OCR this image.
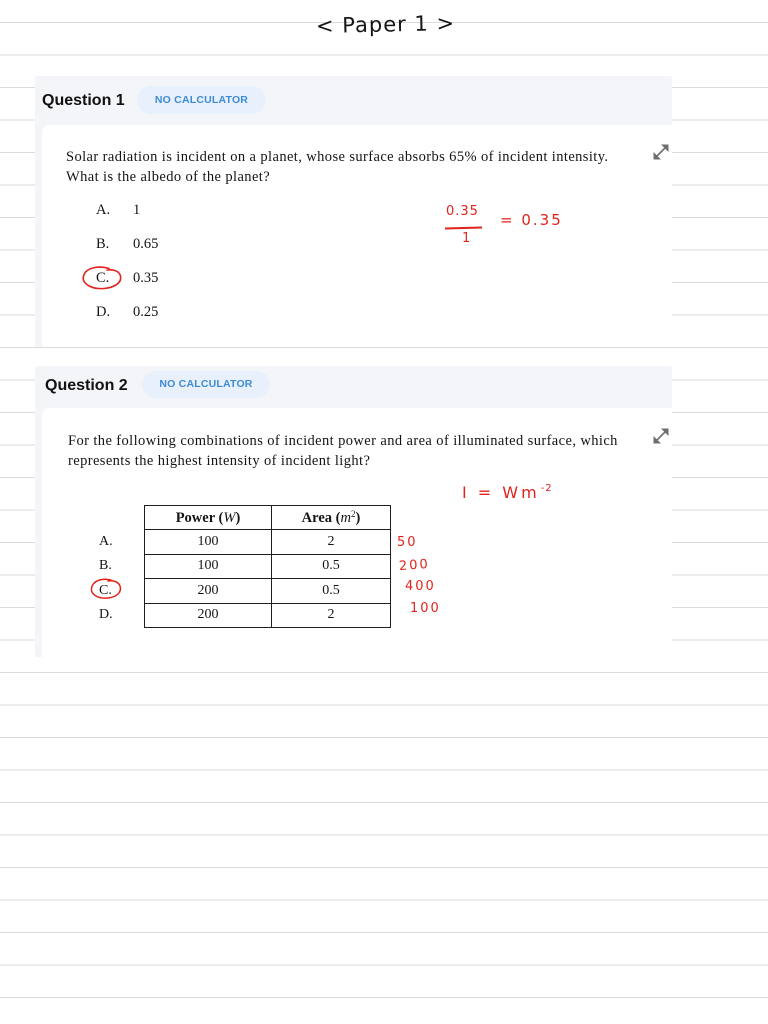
< Paper 1 >
Question 1	NO CALCULATOR
Solar radiation is incident on a planet, whose surface absorbs 65% of incident intensity.
What is the albedo of the planet?
A. 1
B. 0.65
C. 0.35
D. 0.25
Question 2	NO CALCULATOR
For the following combinations of incident power and area of illuminated surface, which
represents the highest intensity of incident light?
	Power (W)	Area $(m^2)$
A.	100	2
B.	100	0.5
C.	200	0.5
D.	200	2
0.35
1
= 0.35
$I = Wm^{-2}$
50
200
400
100
